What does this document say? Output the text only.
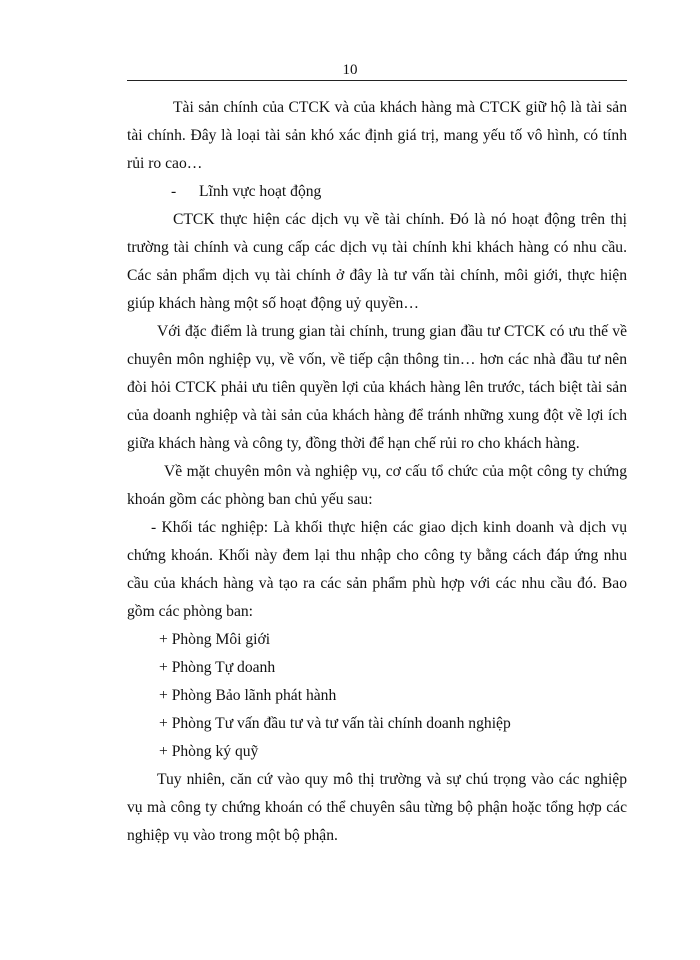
10

Tài sản chính của CTCK và của khách hàng mà CTCK giữ hộ là tài sản tài chính. Đây là loại tài sản khó xác định giá trị, mang yếu tố vô hình, có tính rủi ro cao…

- Lĩnh vực hoạt động

CTCK thực hiện các dịch vụ về tài chính. Đó là nó hoạt động trên thị trường tài chính và cung cấp các dịch vụ tài chính khi khách hàng có nhu cầu. Các sản phẩm dịch vụ tài chính ở đây là tư vấn tài chính, môi giới, thực hiện giúp khách hàng một số hoạt động uỷ quyền…

Với đặc điểm là trung gian tài chính, trung gian đầu tư CTCK có ưu thế về chuyên môn nghiệp vụ, về vốn, về tiếp cận thông tin… hơn các nhà đầu tư nên đòi hỏi CTCK phải ưu tiên quyền lợi của khách hàng lên trước, tách biệt tài sản của doanh nghiệp và tài sản của khách hàng để tránh những xung đột về lợi ích giữa khách hàng và công ty, đồng thời để hạn chế rủi ro cho khách hàng.

Về mặt chuyên môn và nghiệp vụ, cơ cấu tổ chức của một công ty chứng khoán gồm các phòng ban chủ yếu sau:

- Khối tác nghiệp: Là khối thực hiện các giao dịch kinh doanh và dịch vụ chứng khoán. Khối này đem lại thu nhập cho công ty bằng cách đáp ứng nhu cầu của khách hàng và tạo ra các sản phẩm phù hợp với các nhu cầu đó. Bao gồm các phòng ban:

+ Phòng Môi giới

+ Phòng Tự doanh

+ Phòng Bảo lãnh phát hành

+ Phòng Tư vấn đầu tư và tư vấn tài chính doanh nghiệp

+ Phòng ký quỹ

Tuy nhiên, căn cứ vào quy mô thị trường và sự chú trọng vào các nghiệp vụ mà công ty chứng khoán có thể chuyên sâu từng bộ phận hoặc tổng hợp các nghiệp vụ vào trong một bộ phận.
